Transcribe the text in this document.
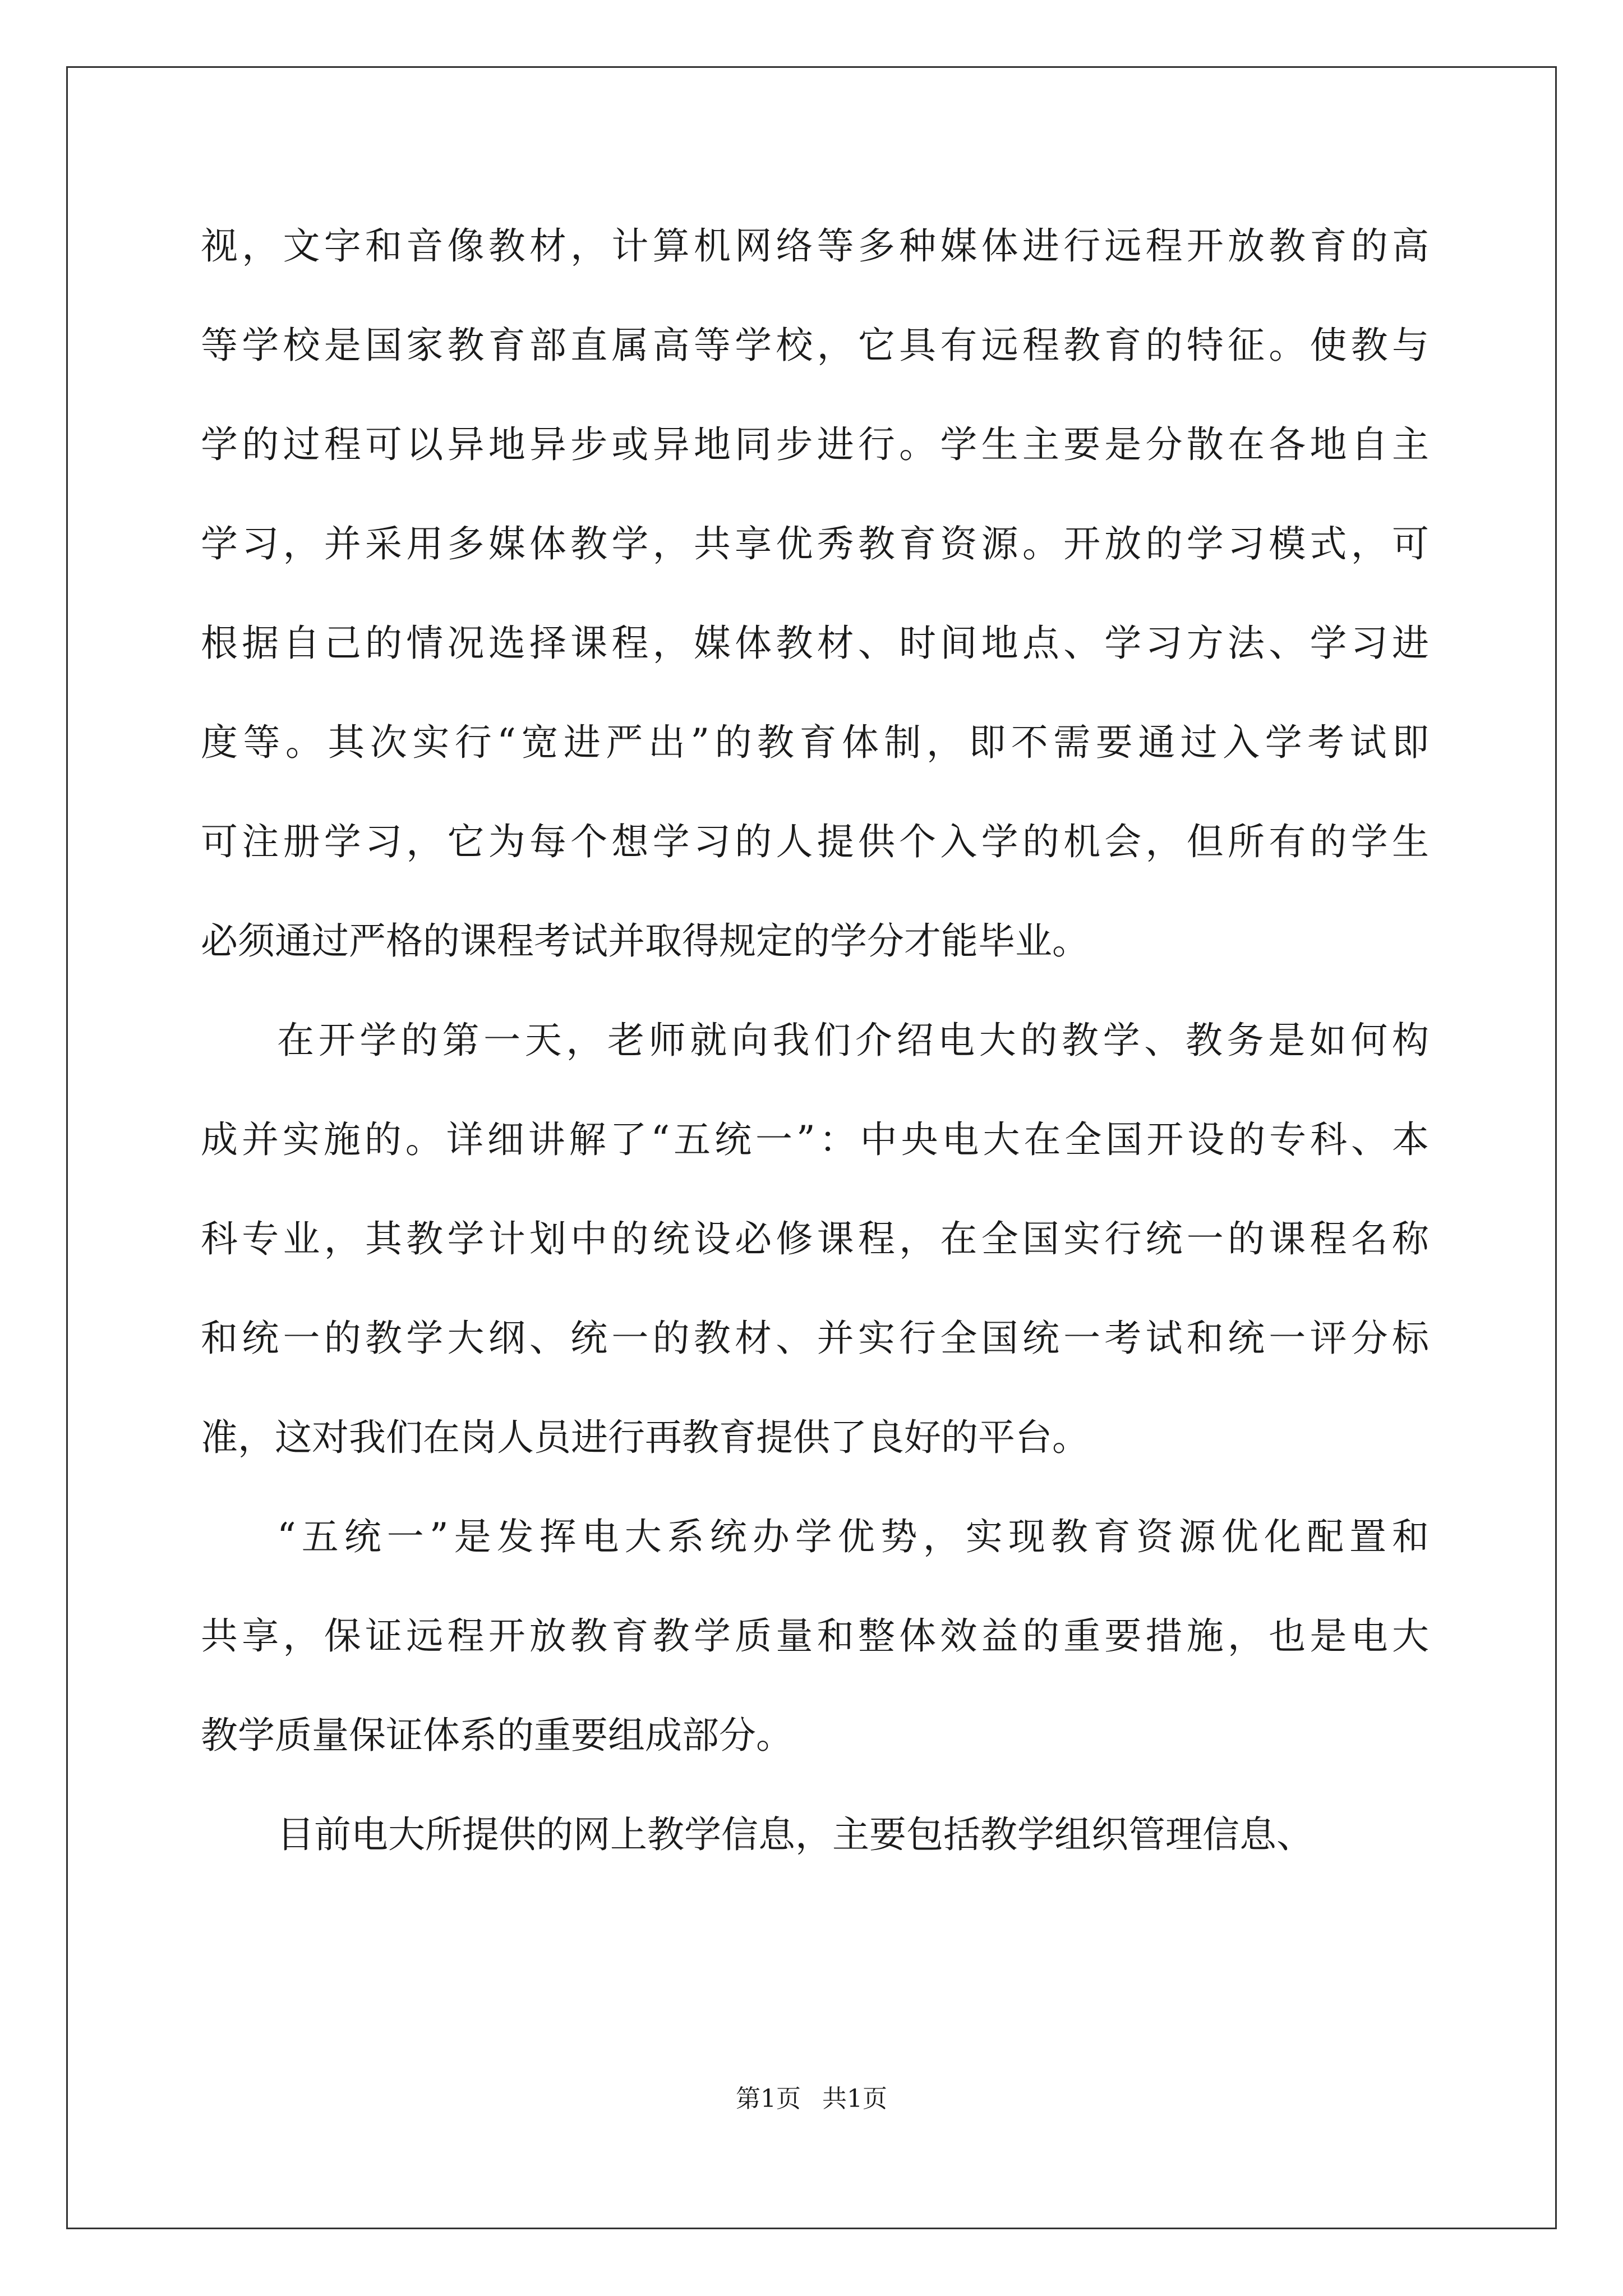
视，文字和音像教材，计算机网络等多种媒体进行远程开放教育的高
等学校是国家教育部直属高等学校，它具有远程教育的特征。使教与
学的过程可以异地异步或异地同步进行。学生主要是分散在各地自主
学习，并采用多媒体教学，共享优秀教育资源。开放的学习模式，可
根据自己的情况选择课程，媒体教材、时间地点、学习方法、学习进
度等。其次实行“宽进严出”的教育体制，即不需要通过入学考试即
可注册学习，它为每个想学习的人提供个入学的机会，但所有的学生
必须通过严格的课程考试并取得规定的学分才能毕业。
在开学的第一天，老师就向我们介绍电大的教学、教务是如何构
成并实施的。详细讲解了“五统一”：中央电大在全国开设的专科、本
科专业，其教学计划中的统设必修课程，在全国实行统一的课程名称
和统一的教学大纲、统一的教材、并实行全国统一考试和统一评分标
准，这对我们在岗人员进行再教育提供了良好的平台。
“五统一”是发挥电大系统办学优势，实现教育资源优化配置和
共享，保证远程开放教育教学质量和整体效益的重要措施，也是电大
教学质量保证体系的重要组成部分。
目前电大所提供的网上教学信息，主要包括教学组织管理信息、
第1页 共1页
